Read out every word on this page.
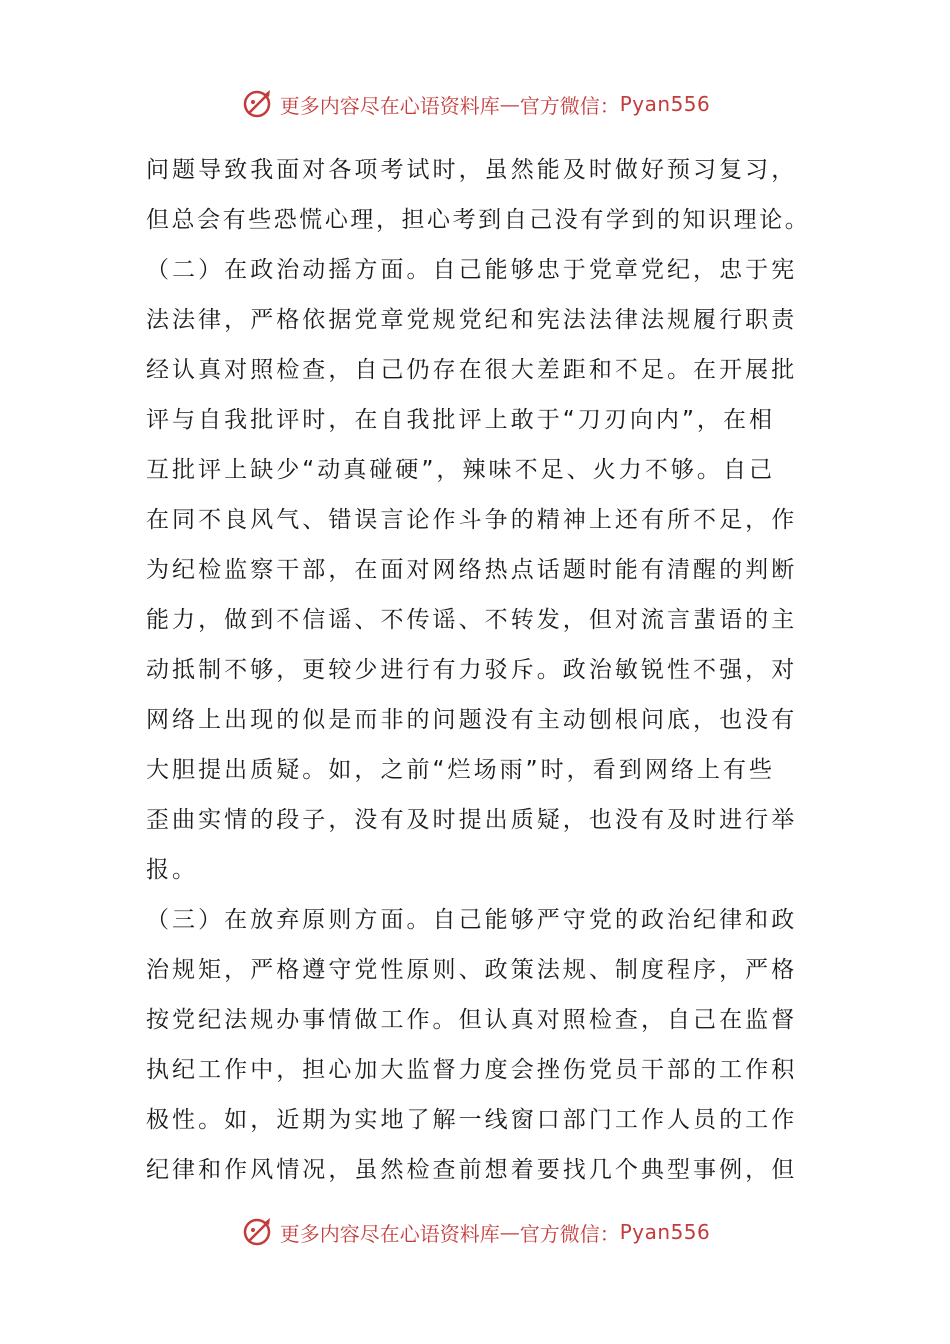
更多内容尽在心语资料库 — 官方微信： Pyan556
问题导致我面对各项考试时，虽然能及时做好预习复习，
但总会有些恐慌心理，担心考到自己没有学到的知识理论。
（二）在政治动摇方面。自己能够忠于党章党纪，忠于宪
法法律，严格依据党章党规党纪和宪法法律法规履行职责
经认真对照检查，自己仍存在很大差距和不足。在开展批
评与自我批评时，在自我批评上敢于“刀刃向内”，在相
互批评上缺少“动真碰硬”，辣味不足、火力不够。自己
在同不良风气、错误言论作斗争的精神上还有所不足，作
为纪检监察干部，在面对网络热点话题时能有清醒的判断
能力，做到不信谣、不传谣、不转发，但对流言蜚语的主
动抵制不够，更较少进行有力驳斥。政治敏锐性不强，对
网络上出现的似是而非的问题没有主动刨根问底，也没有
大胆提出质疑。如，之前“烂场雨”时，看到网络上有些
歪曲实情的段子，没有及时提出质疑，也没有及时进行举
报。
（三）在放弃原则方面。自己能够严守党的政治纪律和政
治规矩，严格遵守党性原则、政策法规、制度程序，严格
按党纪法规办事情做工作。但认真对照检查，自己在监督
执纪工作中，担心加大监督力度会挫伤党员干部的工作积
极性。如，近期为实地了解一线窗口部门工作人员的工作
纪律和作风情况，虽然检查前想着要找几个典型事例，但
更多内容尽在心语资料库 — 官方微信： Pyan556
